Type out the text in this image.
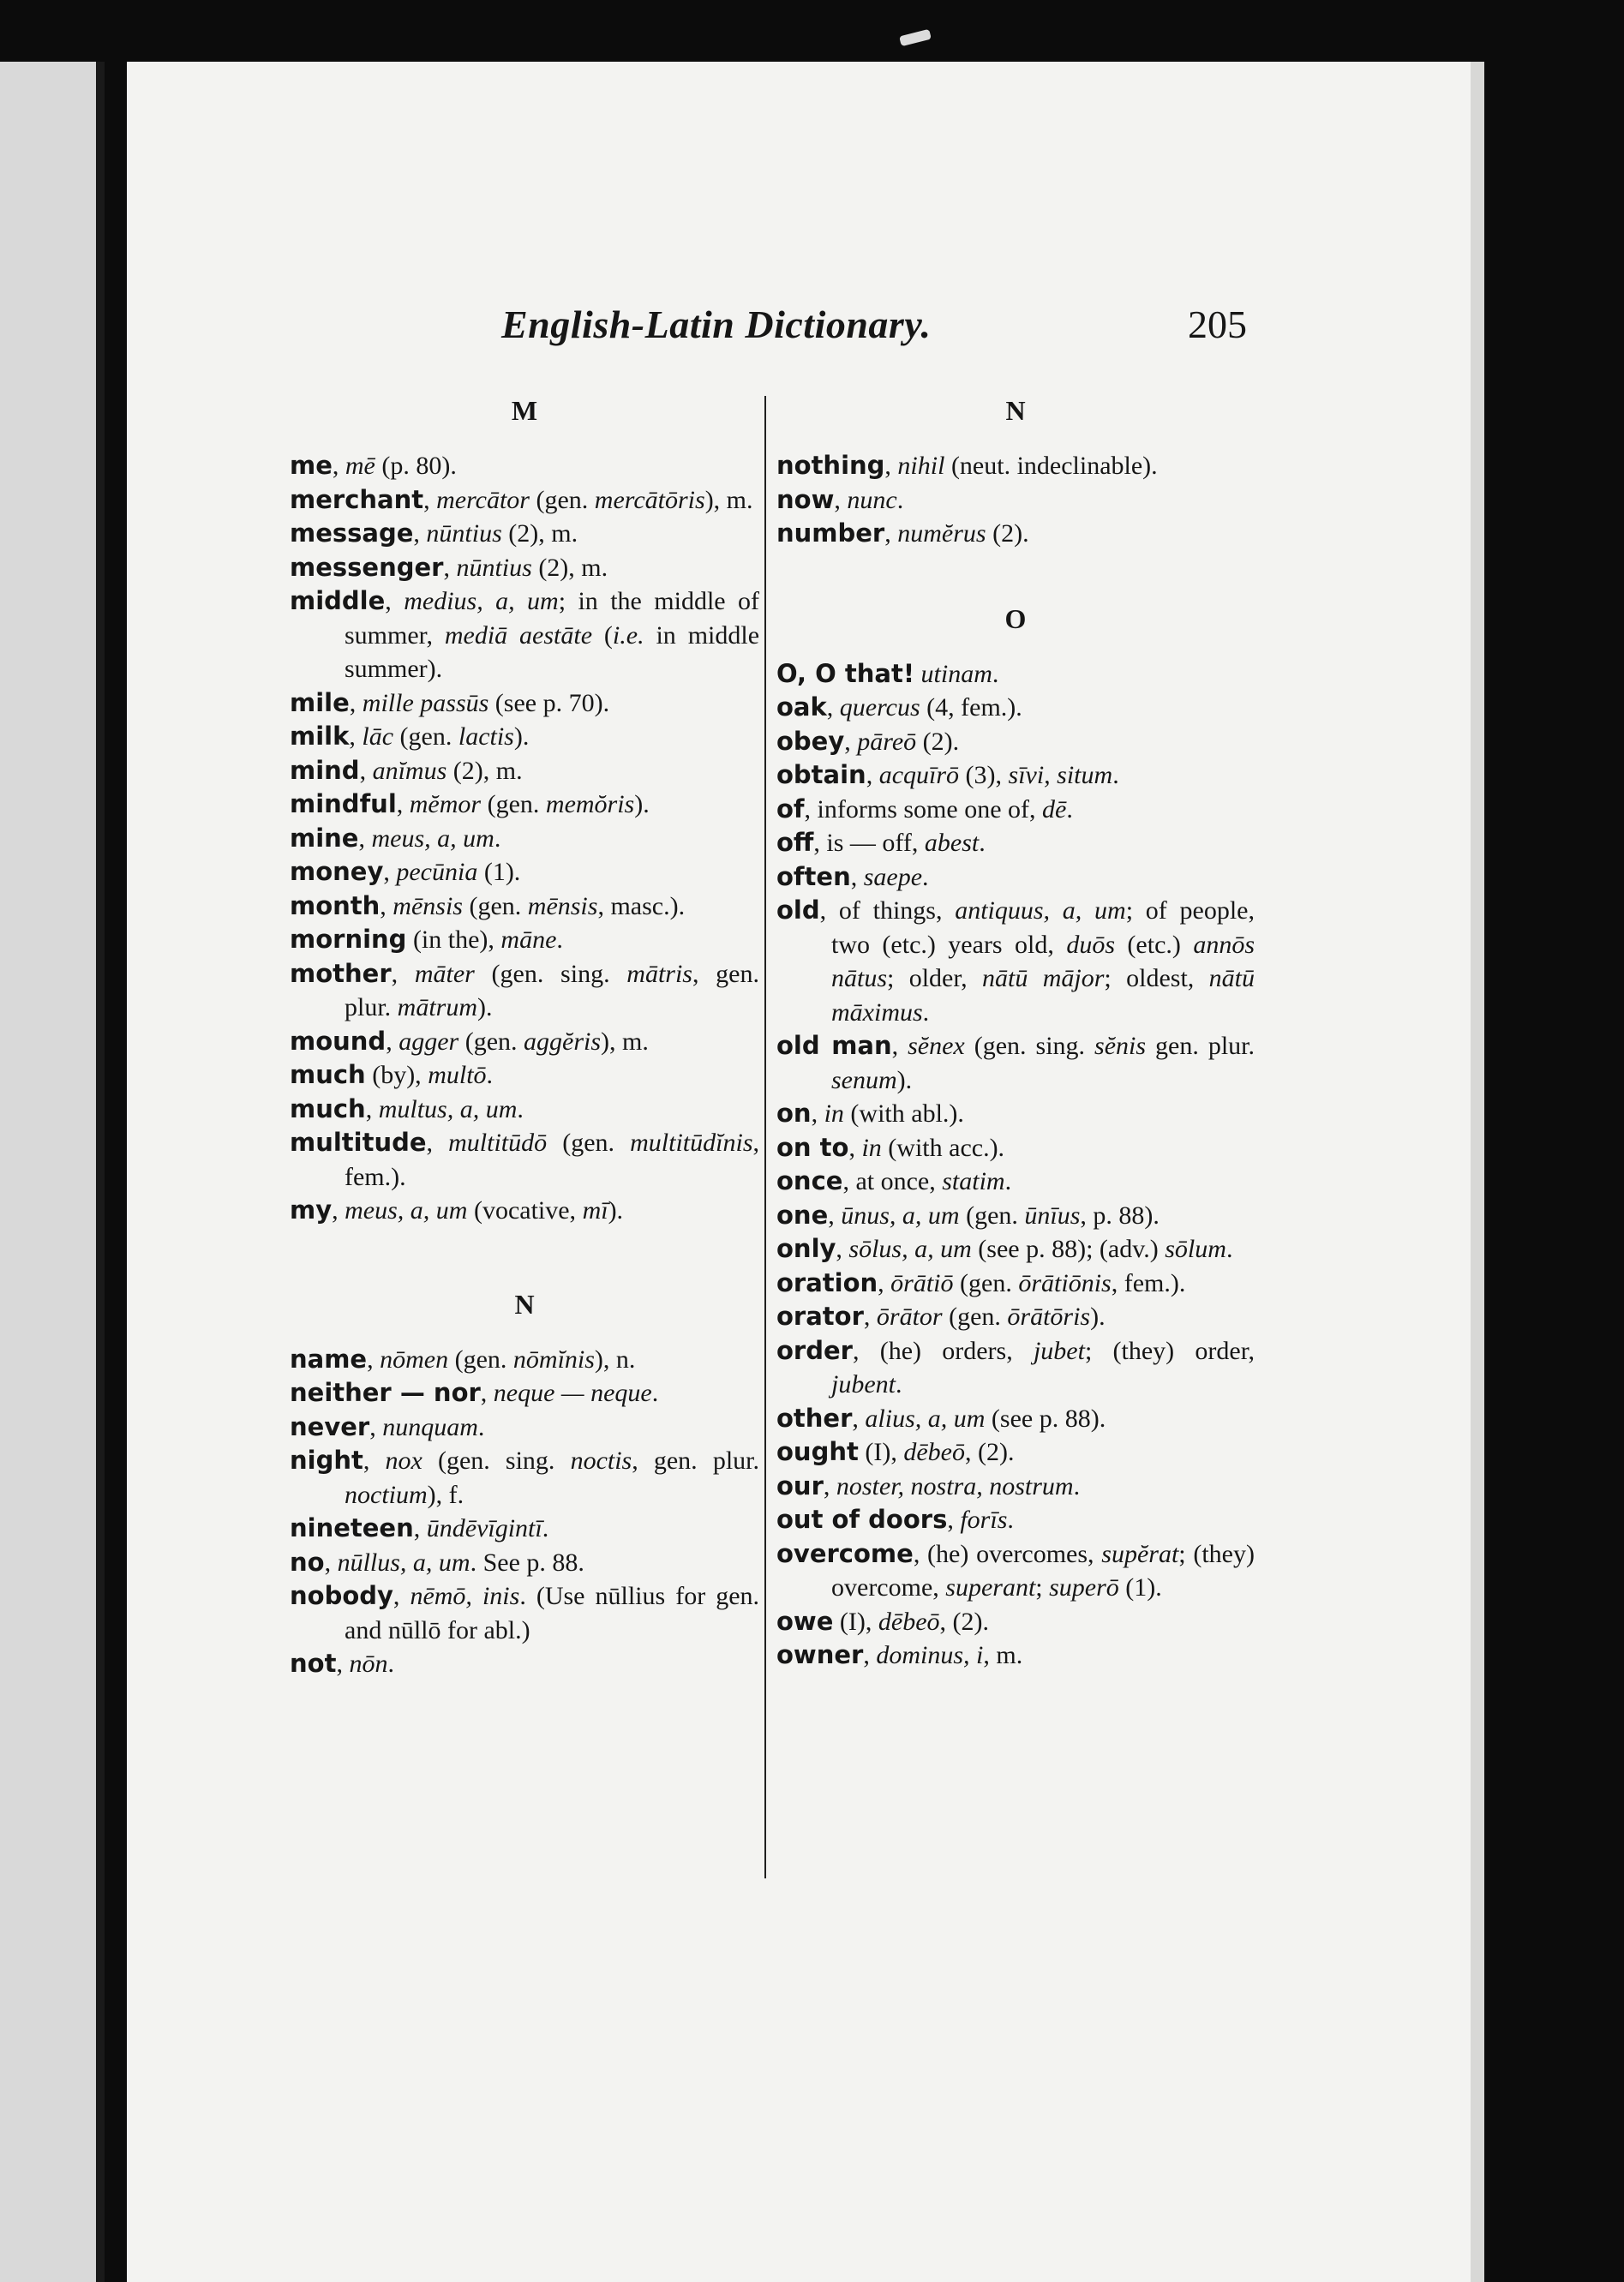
English-Latin Dictionary.	205
M
me, mē (p. 80).
merchant, mercātor (gen. mercātōris), m.
message, nūntius (2), m.
messenger, nūntius (2), m.
middle, medius, a, um; in the middle of summer, mediā aestāte (i.e. in middle summer).
mile, mille passūs (see p. 70).
milk, lāc (gen. lactis).
mind, anĭmus (2), m.
mindful, mĕmor (gen. memŏris).
mine, meus, a, um.
money, pecūnia (1).
month, mēnsis (gen. mēnsis, masc.).
morning (in the), māne.
mother, māter (gen. sing. mātris, gen. plur. mātrum).
mound, agger (gen. aggĕris), m.
much (by), multō.
much, multus, a, um.
multitude, multitūdō (gen. multitūdĭnis, fem.).
my, meus, a, um (vocative, mī).
N
name, nōmen (gen. nōmĭnis), n.
neither — nor, neque — neque.
never, nunquam.
night, nox (gen. sing. noctis, gen. plur. noctium), f.
nineteen, ūndēvīgintī.
no, nūllus, a, um. See p. 88.
nobody, nēmō, inis. (Use nūllius for gen. and nūllō for abl.)
not, nōn.
N
nothing, nihil (neut. indeclinable).
now, nunc.
number, numĕrus (2).
O
O, O that! utinam.
oak, quercus (4, fem.).
obey, pāreō (2).
obtain, acquīrō (3), sīvi, situm.
of, informs some one of, dē.
off, is — off, abest.
often, saepe.
old, of things, antiquus, a, um; of people, two (etc.) years old, duōs (etc.) annōs nātus; older, nātū mājor; oldest, nātū māximus.
old man, sĕnex (gen. sing. sĕnis gen. plur. senum).
on, in (with abl.).
on to, in (with acc.).
once, at once, statim.
one, ūnus, a, um (gen. ūnīus, p. 88).
only, sōlus, a, um (see p. 88); (adv.) sōlum.
oration, ōrātiō (gen. ōrātiōnis, fem.).
orator, ōrātor (gen. ōrātōris).
order, (he) orders, jubet; (they) order, jubent.
other, alius, a, um (see p. 88).
ought (I), dēbeō, (2).
our, noster, nostra, nostrum.
out of doors, forīs.
overcome, (he) overcomes, supĕrat; (they) overcome, superant; superō (1).
owe (I), dēbeō, (2).
owner, dominus, i, m.
